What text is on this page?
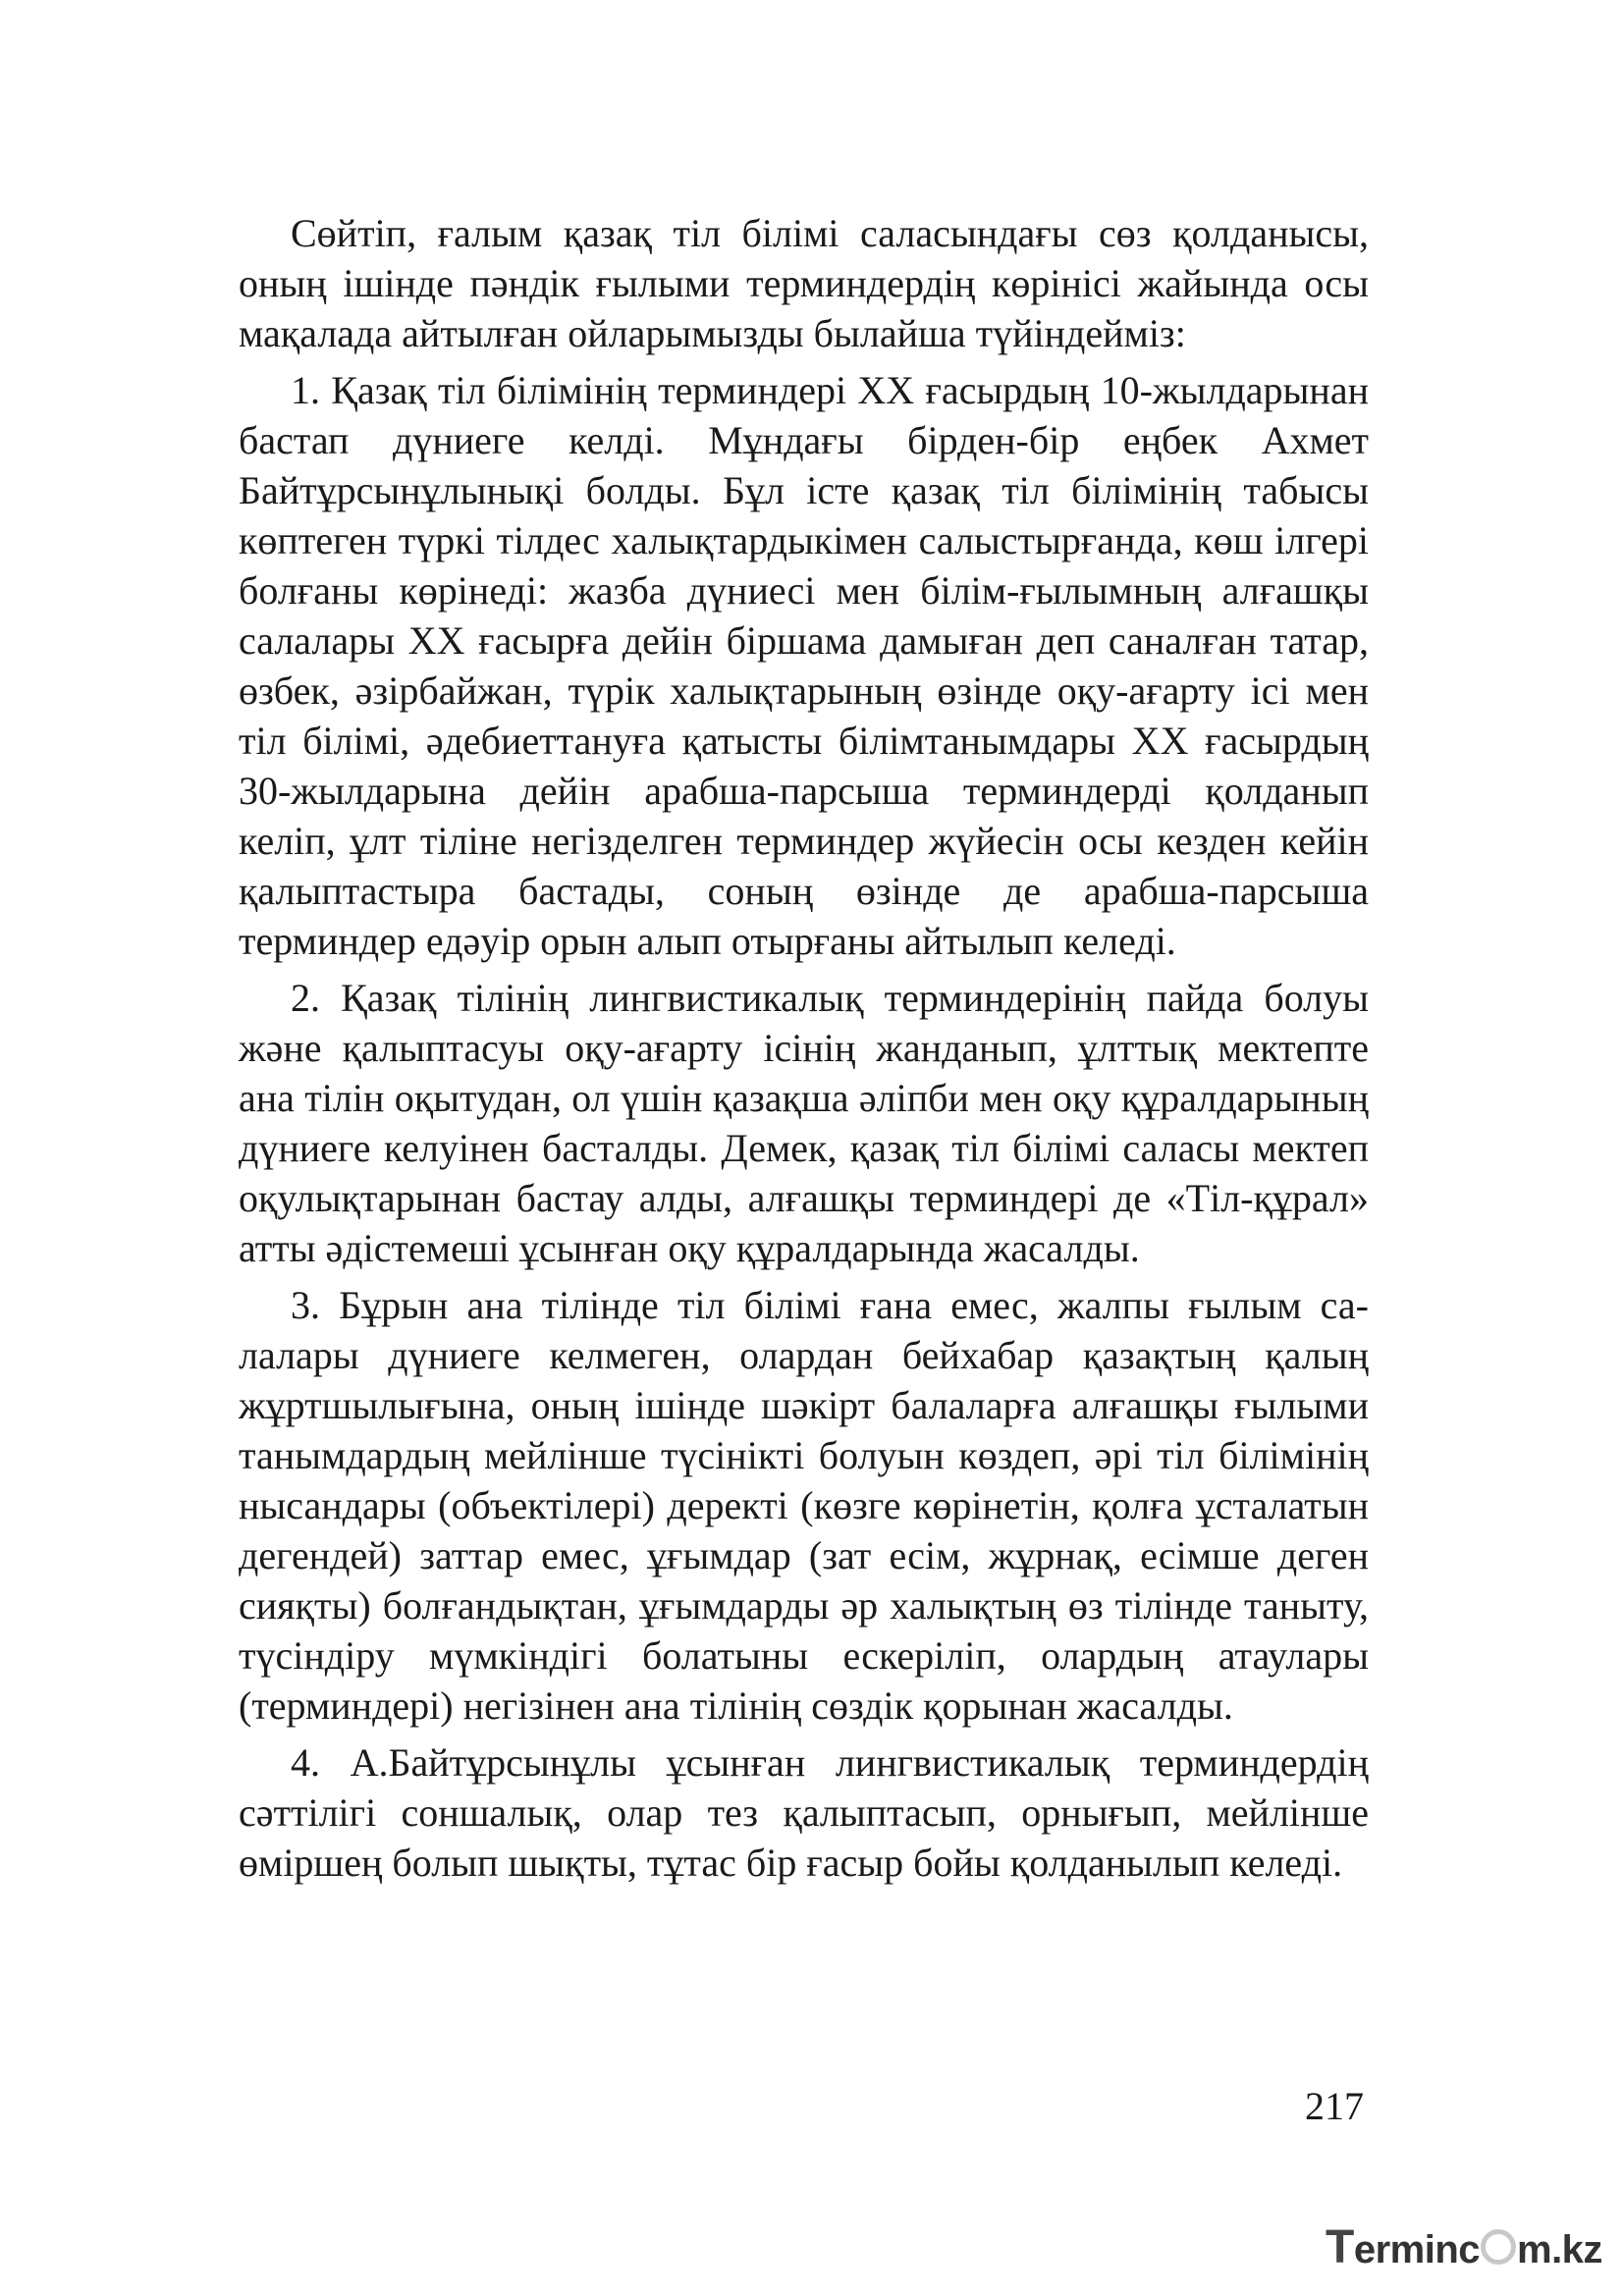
Сөйтіп, ғалым қазақ тіл білімі саласындағы сөз қолданысы, оның ішінде пәндік ғылыми терминдердің көрінісі жайында осы мақалада айтылған ойларымызды былайша түйіндейміз:

1. Қазақ тіл білімінің терминдері XX ғасырдың 10-жылдарынан бастап дүниеге келді. Мұндағы бірден-бір еңбек Ахмет Байтұрсынұлынықі болды. Бұл істе қазақ тіл білімінің табысы көптеген түркі тілдес халықтардыкімен салыстырғанда, көш ілгері болғаны көрінеді: жазба дүниесі мен білім-ғылымның алғашқы салалары XX ғасырға дейін біршама дамыған деп саналған татар, өзбек, әзірбайжан, түрік халықтарының өзінде оқу-ағарту ісі мен тіл білімі, әдебиеттануға қатысты білімтанымдары XX ғасырдың 30-жылдарына дейін арабша-парсыша терминдерді қолданып келіп, ұлт тіліне негізделген терминдер жүйесін осы кезден кейін қалыптастыра бастады, соның өзінде де арабша-парсыша терминдер едәуір орын алып отырғаны айтылып келеді.

2. Қазақ тілінің лингвистикалық терминдерінің пайда болуы және қалыптасуы оқу-ағарту ісінің жанданып, ұлттық мектепте ана тілін оқытудан, ол үшін қазақша әліпби мен оқу құралдарының дүниеге келуінен басталды. Демек, қазақ тіл білімі саласы мектеп оқулықтарынан бастау алды, алғашқы терминдері де «Тіл-құрал» атты әдістемеші ұсынған оқу құралдарында жасалды.

3. Бұрын ана тілінде тіл білімі ғана емес, жалпы ғылым салалары дүниеге келмеген, олардан бейхабар қазақтың қалың жұртшылығына, оның ішінде шәкірт балаларға алғашқы ғылыми танымдардың мейлінше түсінікті болуын көздеп, әрі тіл білімінің нысандары (объектілері) деректі (көзге көрінетін, қолға ұсталатын дегендей) заттар емес, ұғымдар (зат есім, жұрнақ, есімше деген сияқты) болғандықтан, ұғымдарды әр халықтың өз тілінде таныту, түсіндіру мүмкіндігі болатыны ескеріліп, олардың атаулары (терминдері) негізінен ана тілінің сөздік қорынан жасалды.

4. А.Байтұрсынұлы ұсынған лингвистикалық терминдердің сәттілігі соншалық, олар тез қалыптасып, орнығып, мейлінше өміршең болып шықты, тұтас бір ғасыр бойы қолданылып келеді.

217
T erminc m.kz
